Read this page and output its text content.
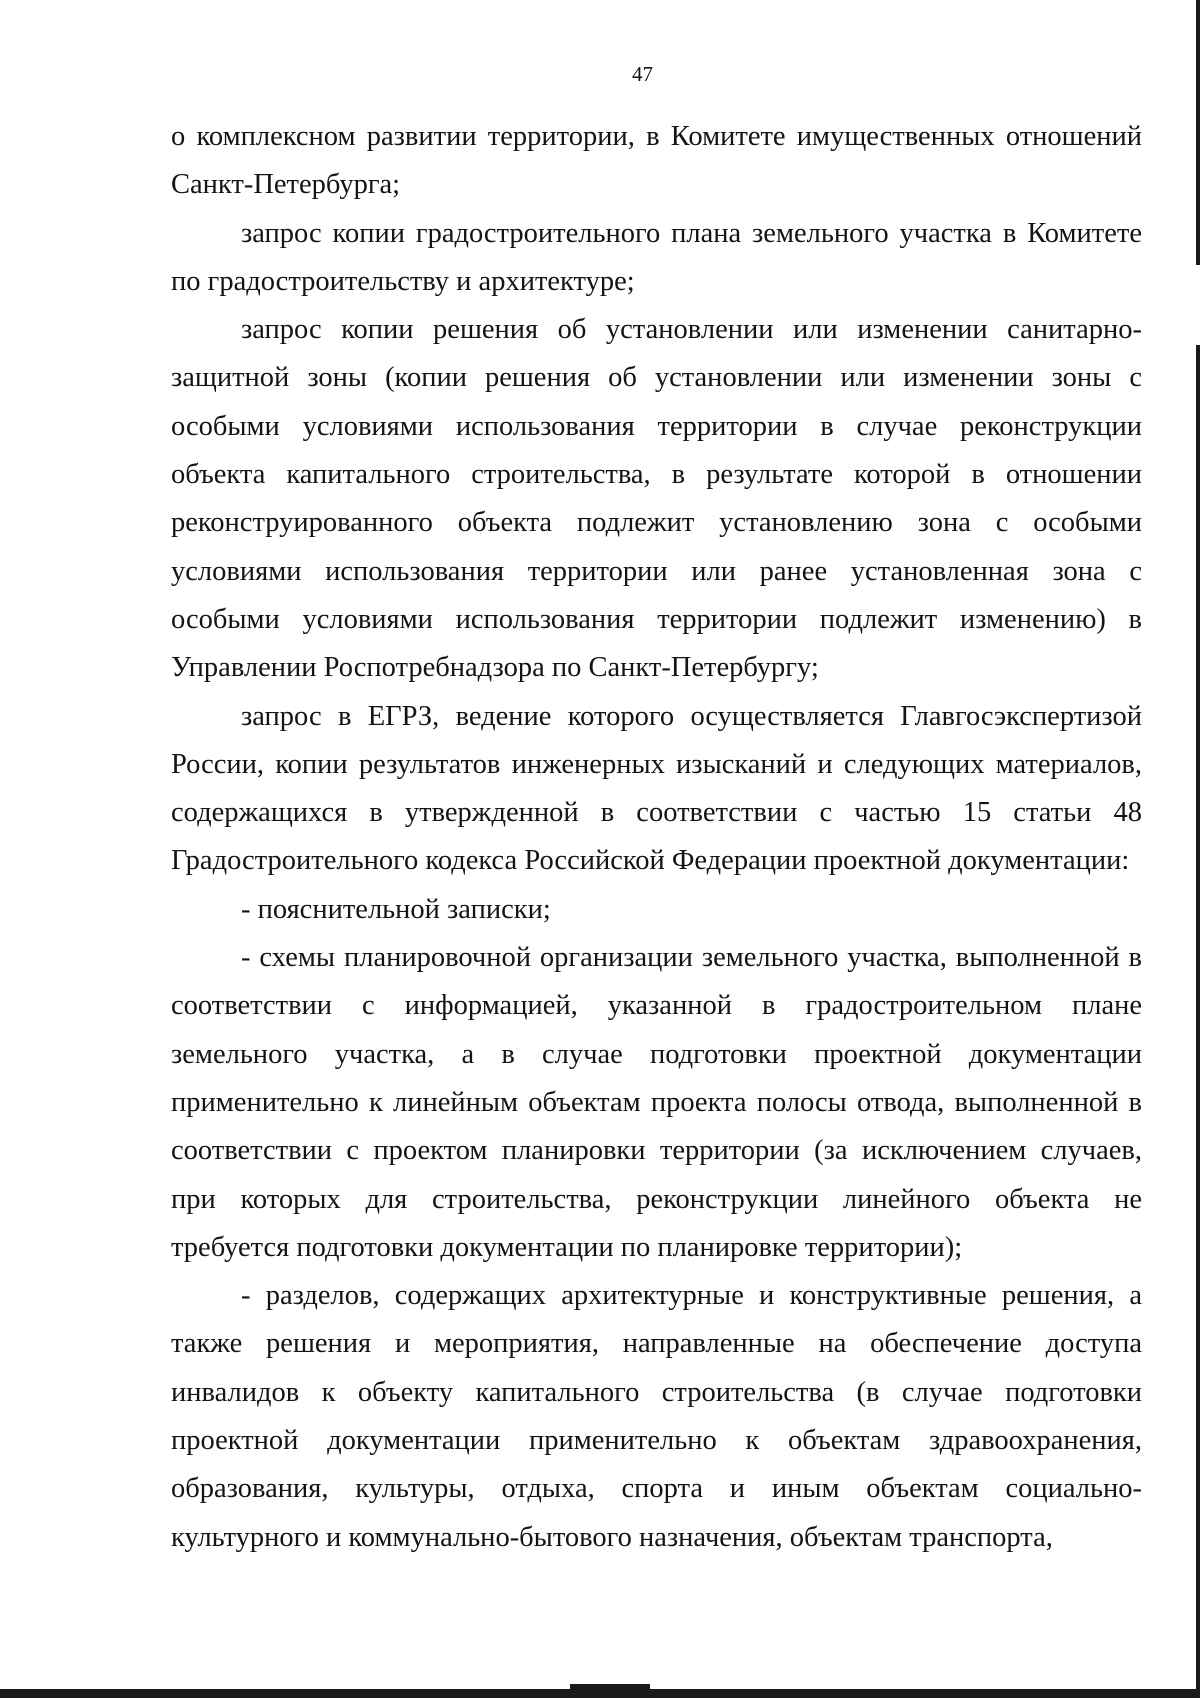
47

о комплексном развитии территории, в Комитете имущественных отношений Санкт-Петербурга;

запрос копии градостроительного плана земельного участка в Комитете по градостроительству и архитектуре;

запрос копии решения об установлении или изменении санитарно-защитной зоны (копии решения об установлении или изменении зоны с особыми условиями использования территории в случае реконструкции объекта капитального строительства, в результате которой в отношении реконструированного объекта подлежит установлению зона с особыми условиями использования территории или ранее установленная зона с особыми условиями использования территории подлежит изменению) в Управлении Роспотребнадзора по Санкт-Петербургу;

запрос в ЕГРЗ, ведение которого осуществляется Главгосэкспертизой России, копии результатов инженерных изысканий и следующих материалов, содержащихся в утвержденной в соответствии с частью 15 статьи 48 Градостроительного кодекса Российской Федерации проектной документации:

- пояснительной записки;

- схемы планировочной организации земельного участка, выполненной в соответствии с информацией, указанной в градостроительном плане земельного участка, а в случае подготовки проектной документации применительно к линейным объектам проекта полосы отвода, выполненной в соответствии с проектом планировки территории (за исключением случаев, при которых для строительства, реконструкции линейного объекта не требуется подготовки документации по планировке территории);

- разделов, содержащих архитектурные и конструктивные решения, а также решения и мероприятия, направленные на обеспечение доступа инвалидов к объекту капитального строительства (в случае подготовки проектной документации применительно к объектам здравоохранения, образования, культуры, отдыха, спорта и иным объектам социально-культурного и коммунально-бытового назначения, объектам транспорта,
